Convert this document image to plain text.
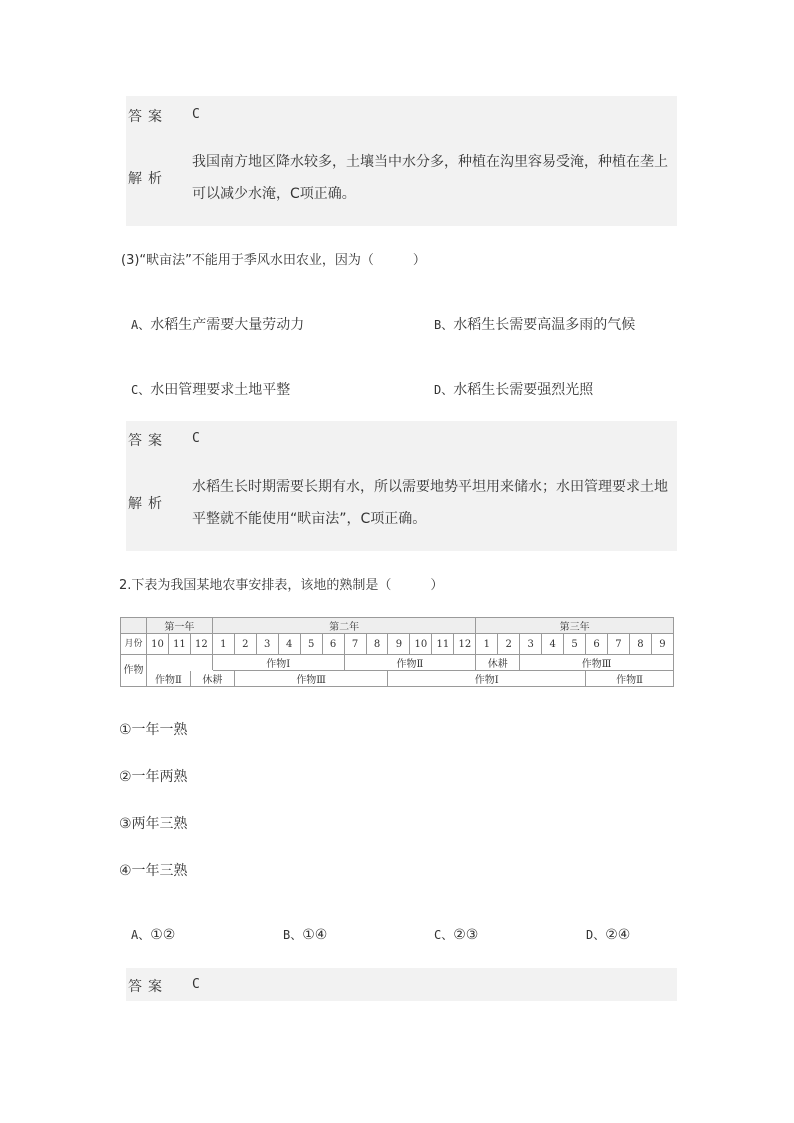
答案 C
解析
我国南方地区降水较多，土壤当中水分多，种植在沟里容易受淹，种植在垄上
可以减少水淹，C项正确。
(3)“畎亩法”不能用于季风水田农业，因为（　　　）
A、水稻生产需要大量劳动力	B、水稻生长需要高温多雨的气候
C、水田管理要求土地平整	D、水稻生长需要强烈光照
答案 C
解析
水稻生长时期需要长期有水，所以需要地势平坦用来储水；水田管理要求土地
平整就不能使用“畎亩法”，C项正确。
2.下表为我国某地农事安排表，该地的熟制是（　　　）
	第一年			第二年												第三年								
月份	10	11	12	1	2	3	4	5	6	7	8	9	10	11	12	1	2	3	4	5	6	7	8	9
作物				作物Ⅰ						作物Ⅱ						休耕		作物Ⅲ						
	作物Ⅱ		休耕		作物Ⅲ							作物Ⅰ									作物Ⅱ			
①一年一熟
②一年两熟
③两年三熟
④一年三熟
A、①②	B、①④	C、②③	D、②④
答案 C
